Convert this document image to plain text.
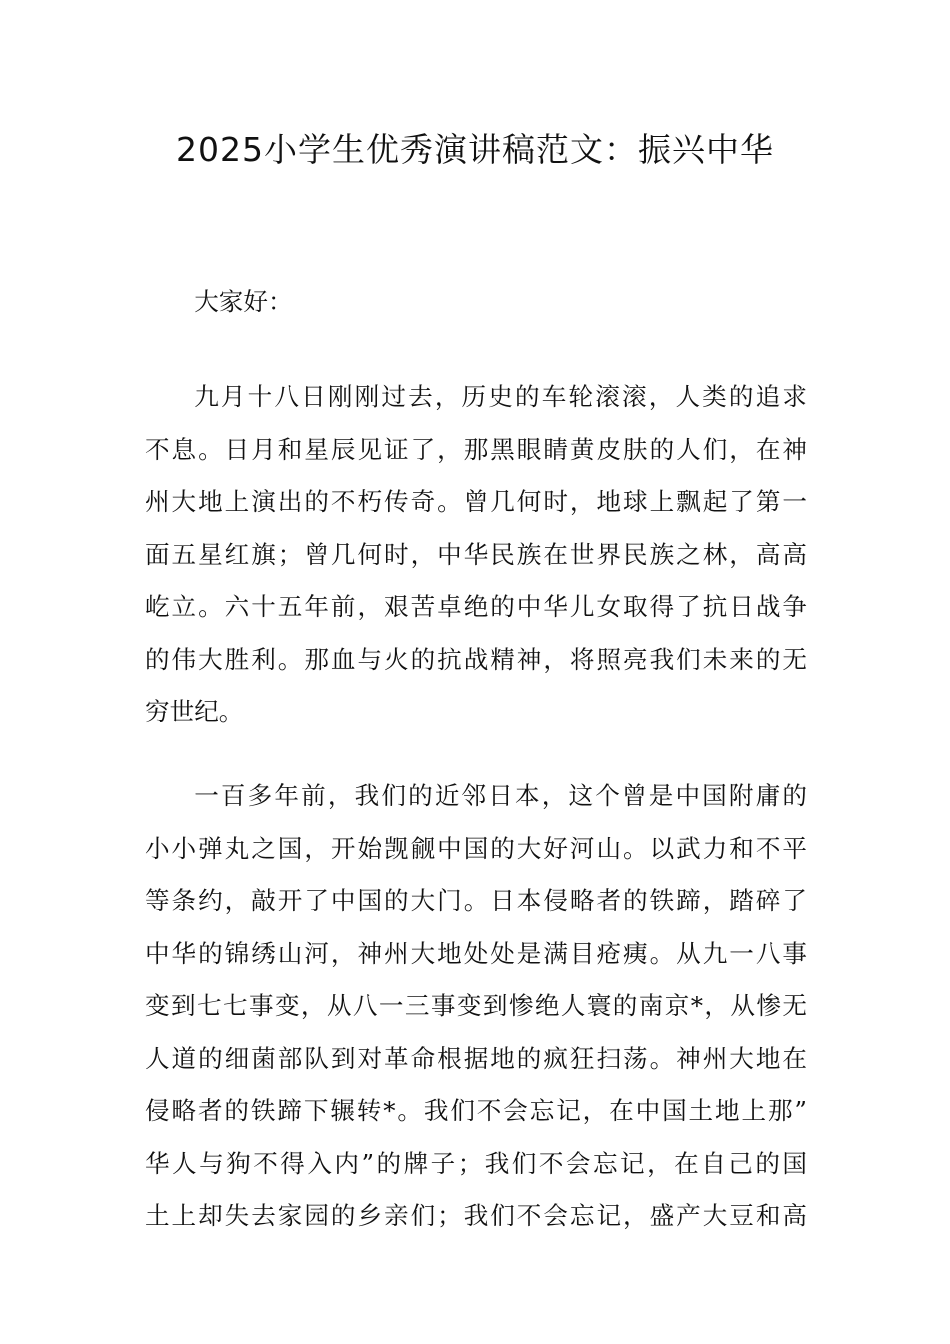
2025小学生优秀演讲稿范文：振兴中华

大家好：

九月十八日刚刚过去，历史的车轮滚滚，人类的追求
不息。日月和星辰见证了，那黑眼睛黄皮肤的人们，在神
州大地上演出的不朽传奇。曾几何时，地球上飘起了第一
面五星红旗；曾几何时，中华民族在世界民族之林，高高
屹立。六十五年前，艰苦卓绝的中华儿女取得了抗日战争
的伟大胜利。那血与火的抗战精神，将照亮我们未来的无
穷世纪。
一百多年前，我们的近邻日本，这个曾是中国附庸的
小小弹丸之国，开始觊觎中国的大好河山。以武力和不平
等条约，敲开了中国的大门。日本侵略者的铁蹄，踏碎了
中华的锦绣山河，神州大地处处是满目疮痍。从九一八事
变到七七事变，从八一三事变到惨绝人寰的南京*，从惨无
人道的细菌部队到对革命根据地的疯狂扫荡。神州大地在
侵略者的铁蹄下辗转*。我们不会忘记，在中国土地上那”
华人与狗不得入内”的牌子；我们不会忘记，在自己的国
土上却失去家园的乡亲们；我们不会忘记，盛产大豆和高
